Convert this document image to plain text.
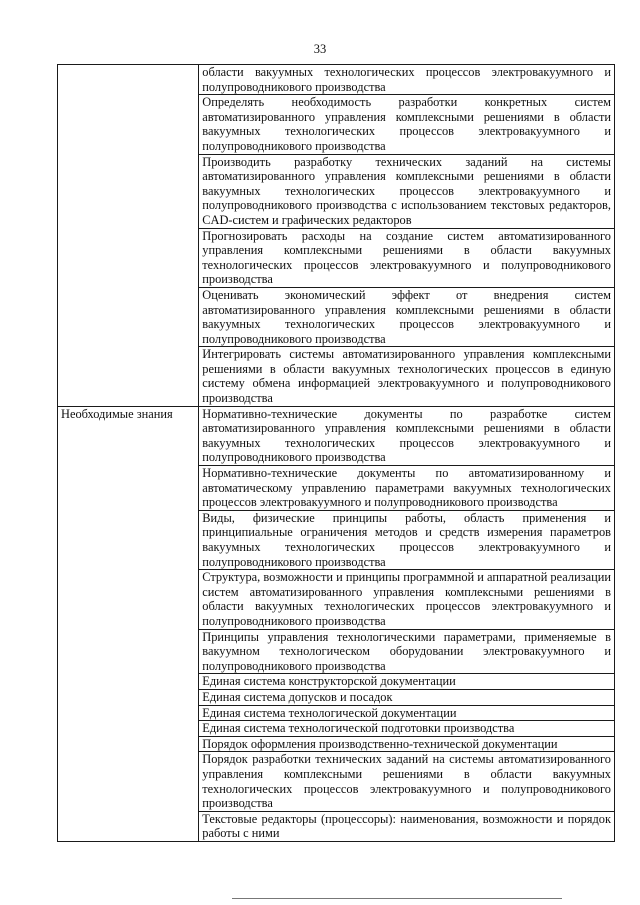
33

	области вакуумных технологических процессов электровакуумного и полупроводникового производства

	Определять необходимость разработки конкретных систем автоматизированного управления комплексными решениями в области вакуумных технологических процессов электровакуумного и полупроводникового производства

	Производить разработку технических заданий на системы автоматизированного управления комплексными решениями в области вакуумных технологических процессов электровакуумного и полупроводникового производства с использованием текстовых редакторов, CAD-систем и графических редакторов

	Прогнозировать расходы на создание систем автоматизированного управления комплексными решениями в области вакуумных технологических процессов электровакуумного и полупроводникового производства

	Оценивать экономический эффект от внедрения систем автоматизированного управления комплексными решениями в области вакуумных технологических процессов электровакуумного и полупроводникового производства

	Интегрировать системы автоматизированного управления комплексными решениями в области вакуумных технологических процессов в единую систему обмена информацией электровакуумного и полупроводникового производства

Необходимые знания	Нормативно-технические документы по разработке систем автоматизированного управления комплексными решениями в области вакуумных технологических процессов электровакуумного и полупроводникового производства

	Нормативно-технические документы по автоматизированному и автоматическому управлению параметрами вакуумных технологических процессов электровакуумного и полупроводникового производства

	Виды, физические принципы работы, область применения и принципиальные ограничения методов и средств измерения параметров вакуумных технологических процессов электровакуумного и полупроводникового производства

	Структура, возможности и принципы программной и аппаратной реализации систем автоматизированного управления комплексными решениями в области вакуумных технологических процессов электровакуумного и полупроводникового производства

	Принципы управления технологическими параметрами, применяемые в вакуумном технологическом оборудовании электровакуумного и полупроводникового производства

	Единая система конструкторской документации

	Единая система допусков и посадок

	Единая система технологической документации

	Единая система технологической подготовки производства

	Порядок оформления производственно-технической документации

	Порядок разработки технических заданий на системы автоматизированного управления комплексными решениями в области вакуумных технологических процессов электровакуумного и полупроводникового производства

	Текстовые редакторы (процессоры): наименования, возможности и порядок работы с ними
